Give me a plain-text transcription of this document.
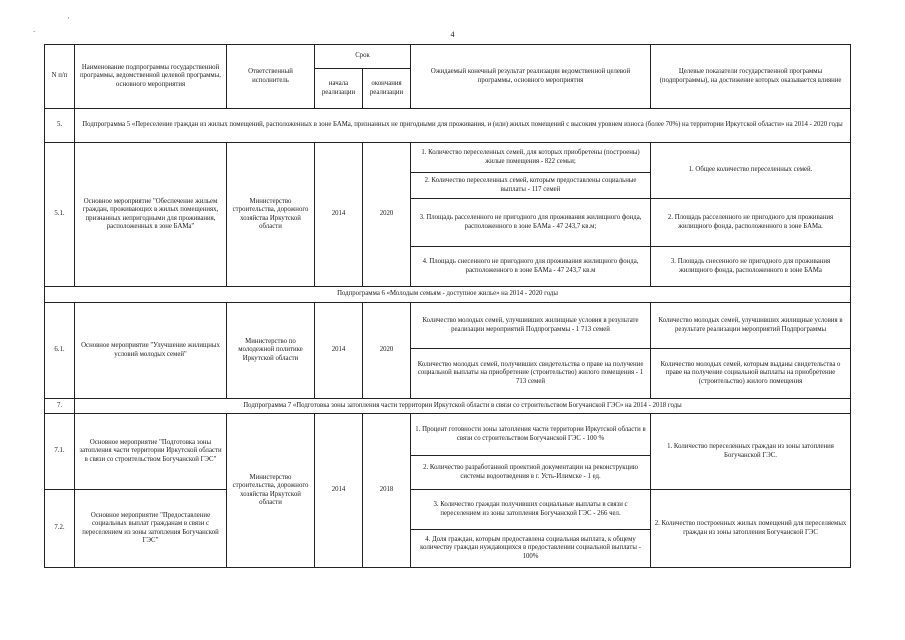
'
`	4
N п/п	Наименование подпрограммы государственной программы, ведомственной целевой программы, основного мероприятия	Ответственный исполнитель	Срок		Ожидаемый конечный результат реализации ведомственной целевой программы, основного мероприятия	Целевые показатели государственной программы (подпрограммы), на достижение которых оказывается влияние
			начала реализации	окончания реализации		
5.	Подпрограмма 5 «Переселение граждан из жилых помещений, расположенных в зоне БАМа, признанных не пригодными для проживания, и (или) жилых помещений с высоким уровнем износа (более 70%) на территории Иркутской области» на 2014 - 2020 годы					
5.1.	Основное мероприятие "Обеспечение жильем граждан, проживающих в жилых помещениях, признанных непригодными для проживания, расположенных в зоне БАМа"	Министерство строительства, дорожного хозяйства Иркутской области	2014	2020	1. Количество переселенных семей, для которых приобретены (построены) жилые помещения - 822 семьи;	1. Общее количество переселенных семей.
					2. Количество переселенных семей, которым предоставлены социальные выплаты - 117 семей	
					3. Площадь расселенного не пригодного для проживания жилищного фонда, расположенного в зоне БАМа - 47 243,7 кв.м;	2. Площадь расселенного не пригодного для проживания жилищного фонда, расположенного в зоне БАМа.
					4. Площадь снесенного не пригодного для проживания жилищного фонда, расположенного в зоне БАМа - 47 243,7 кв.м	3. Площадь снесенного не пригодного для проживания жилищного фонда, расположенного в зоне БАМа
Подпрограмма 6 «Молодым семьям - доступное жилье» на 2014 - 2020 годы						
6.1.	Основное мероприятие "Улучшение жилищных условий молодых семей"	Министерство по молодежной политике Иркутской области	2014	2020	Количество молодых семей, улучшивших жилищные условия в результате реализации мероприятий Подпрограммы - 1 713 семей	Количество молодых семей, улучшивших жилищные условия в результате реализации мероприятий Подпрограммы
					Количество молодых семей, получивших свидетельства о праве на получение социальной выплаты на приобретение (строительство) жилого помещения - 1 713 семей	Количество молодых семей, которым выданы свидетельства о праве на получение социальной выплаты на приобретение (строительство) жилого помещения
7.	Подпрограмма 7 «Подготовка зоны затопления части территории Иркутской области в связи со строительством Богучанской ГЭС» на 2014 - 2018 годы					
7.1.	Основное мероприятие "Подготовка зоны затопления части территории Иркутской области в связи со строительством Богучанской ГЭС"	Министерство строительства, дорожного хозяйства Иркутской области	2014	2018	1. Процент готовности зоны затопления части территории Иркутской области в связи со строительством Богучанской ГЭС - 100 %	1. Количество переселенных граждан из зоны затопления Богучанской ГЭС.
					2. Количество разработанной проектной документации на реконструкцию системы водоотведения в г. Усть-Илимске - 1 ед.	
7.2.	Основное мероприятие "Предоставление социальных выплат гражданам в связи с переселением из зоны затопления Богучанской ГЭС"				3. Количество граждан получивших социальные выплаты в связи с переселением из зоны затопления Богучанской ГЭС - 266 чел.	2. Количество построенных жилых помещений для переселяемых граждан из зоны затопления Богучанской ГЭС
					4. Доля граждан, которым предоставлена социальная выплата, к общему количеству граждан нуждающихся в предоставлении социальной выплаты - 100%	
